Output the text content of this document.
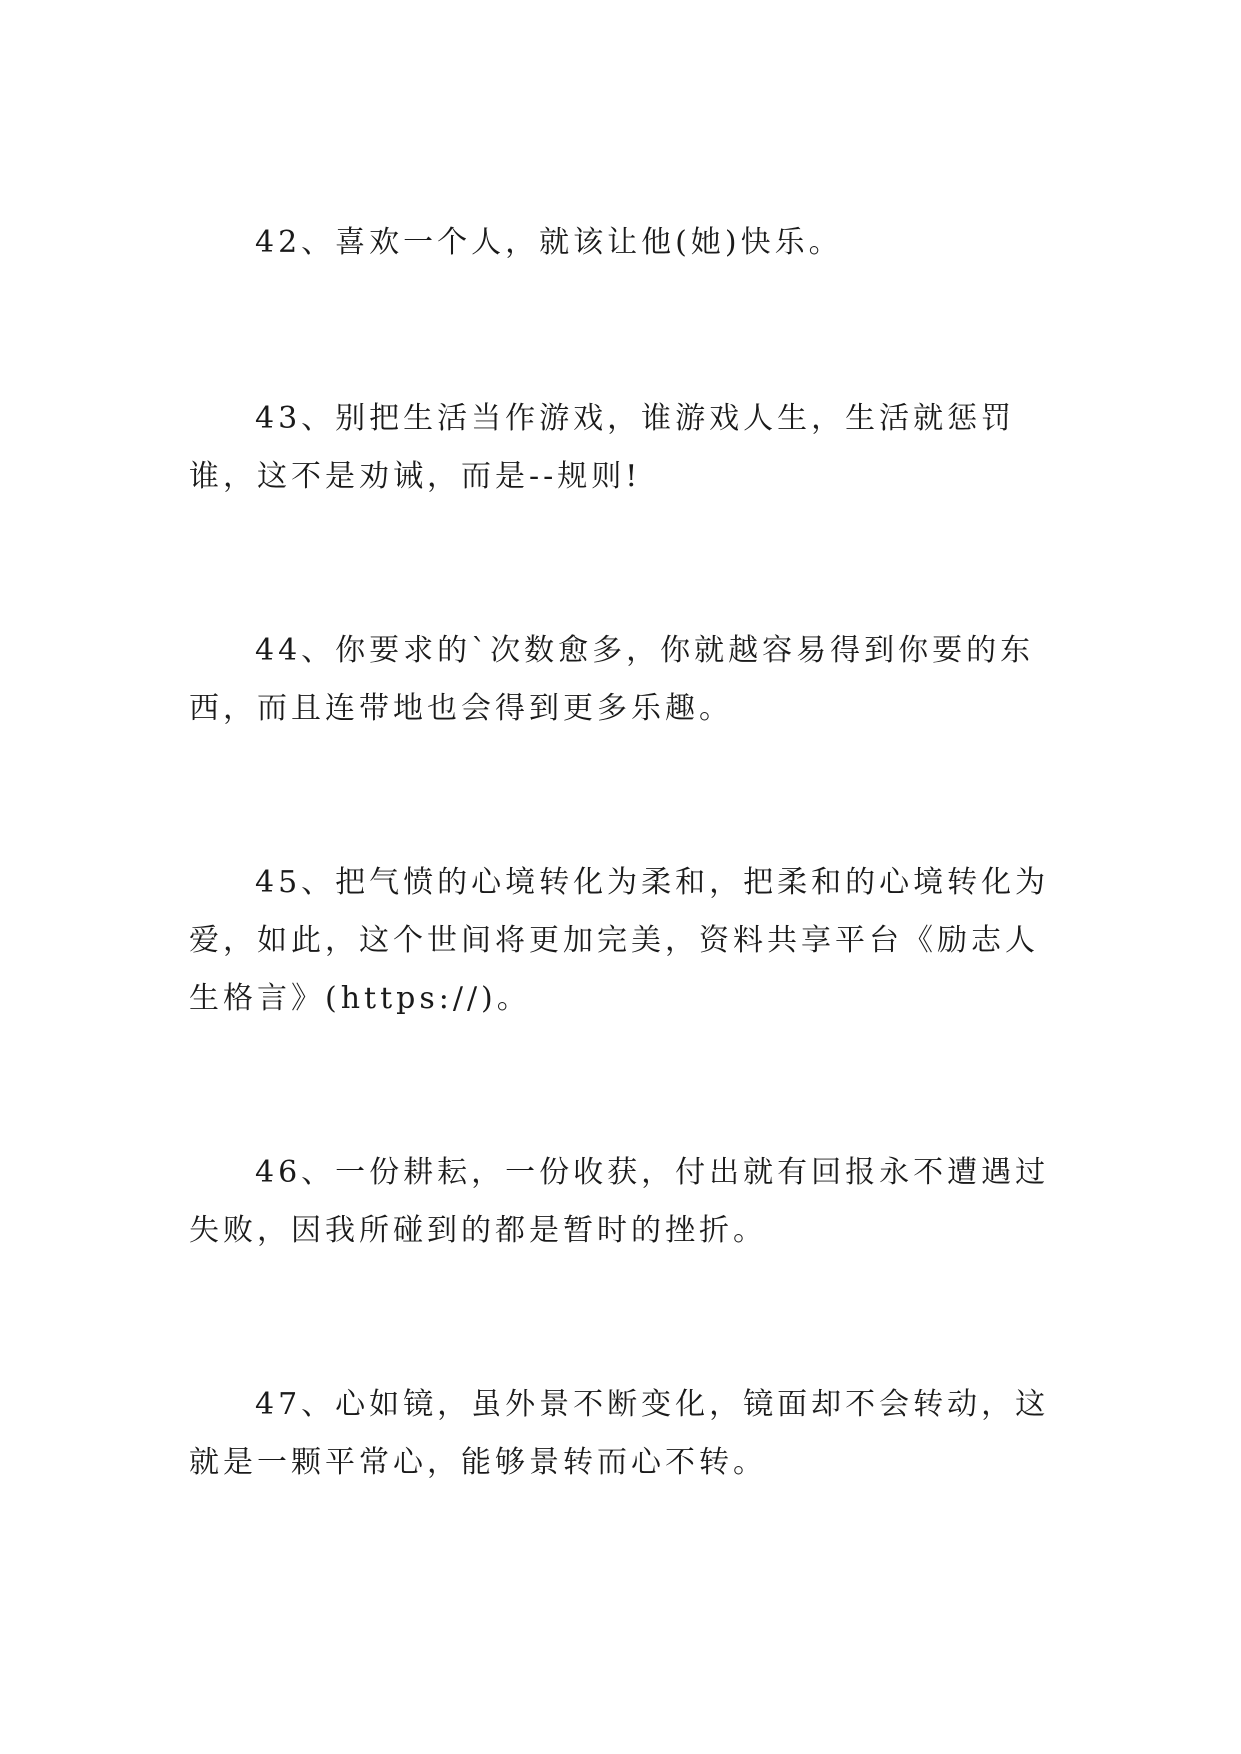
42、喜欢一个人，就该让他(她)快乐。

43、别把生活当作游戏，谁游戏人生，生活就惩罚谁，这不是劝诫，而是--规则!

44、你要求的`次数愈多，你就越容易得到你要的东西，而且连带地也会得到更多乐趣。

45、把气愤的心境转化为柔和，把柔和的心境转化为爱，如此，这个世间将更加完美，资料共享平台《励志人生格言》(https://)。

46、一份耕耘，一份收获，付出就有回报永不遭遇过失败，因我所碰到的都是暂时的挫折。

47、心如镜，虽外景不断变化，镜面却不会转动，这就是一颗平常心，能够景转而心不转。
